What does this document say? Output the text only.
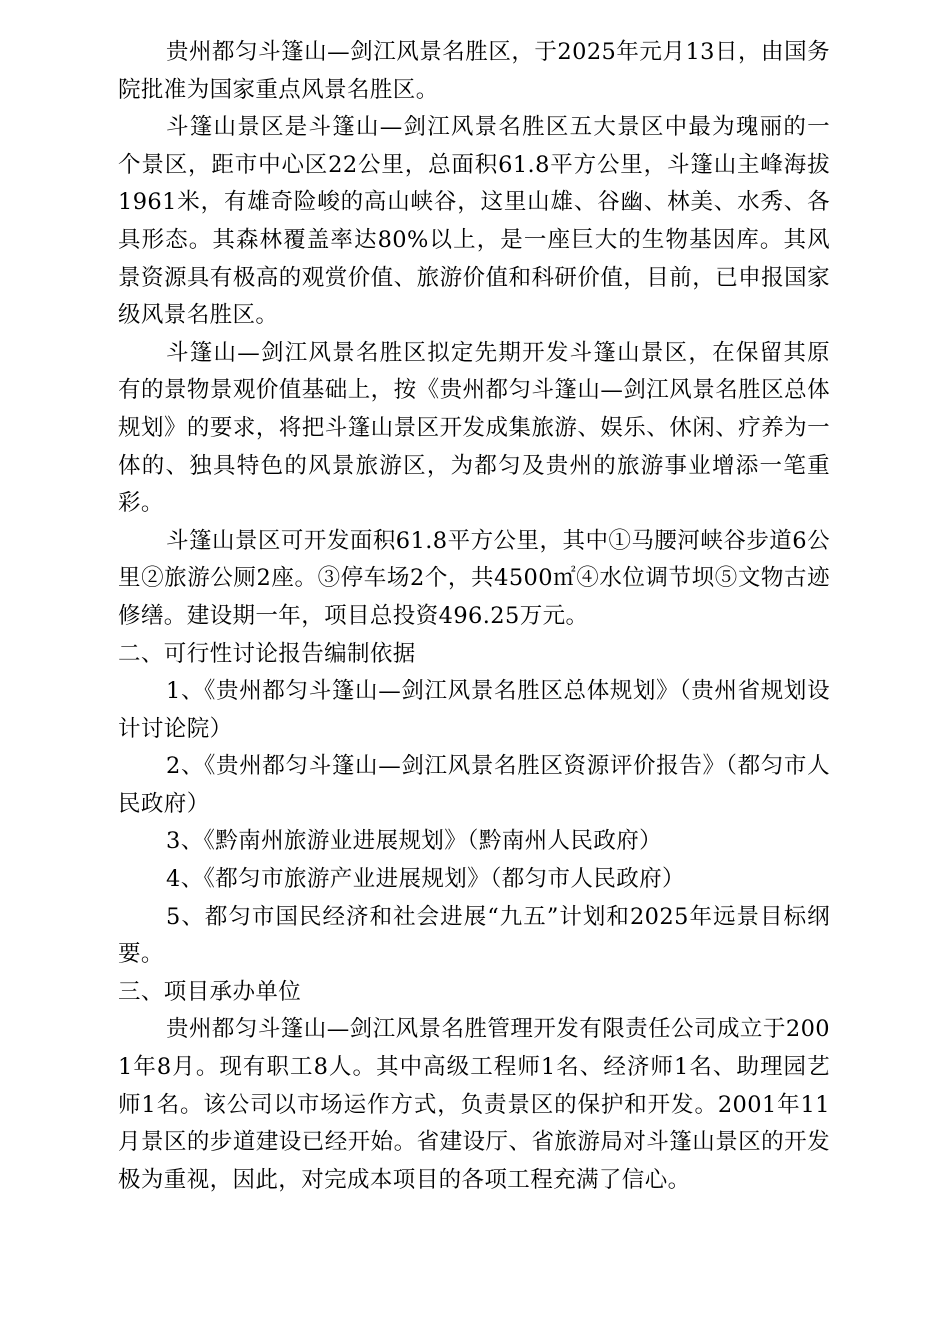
贵州都匀斗篷山—剑江风景名胜区，于2025年元月13日，由国务院批准为国家重点风景名胜区。

斗篷山景区是斗篷山—剑江风景名胜区五大景区中最为瑰丽的一个景区，距市中心区22公里，总面积61.8平方公里，斗篷山主峰海拔1961米，有雄奇险峻的高山峡谷，这里山雄、谷幽、林美、水秀、各具形态。其森林覆盖率达80%以上，是一座巨大的生物基因库。其风景资源具有极高的观赏价值、旅游价值和科研价值，目前，已申报国家级风景名胜区。

斗篷山—剑江风景名胜区拟定先期开发斗篷山景区，在保留其原有的景物景观价值基础上，按《贵州都匀斗篷山—剑江风景名胜区总体规划》的要求，将把斗篷山景区开发成集旅游、娱乐、休闲、疗养为一体的、独具特色的风景旅游区，为都匀及贵州的旅游事业增添一笔重彩。

斗篷山景区可开发面积61.8平方公里，其中①马腰河峡谷步道6公里②旅游公厕2座。③停车场2个，共4500㎡④水位调节坝⑤文物古迹修缮。建设期一年，项目总投资496.25万元。

二、可行性讨论报告编制依据

1、《贵州都匀斗篷山—剑江风景名胜区总体规划》（贵州省规划设计讨论院）

2、《贵州都匀斗篷山—剑江风景名胜区资源评价报告》（都匀市人民政府）

3、《黔南州旅游业进展规划》（黔南州人民政府）

4、《都匀市旅游产业进展规划》（都匀市人民政府）

5、都匀市国民经济和社会进展“九五”计划和2025年远景目标纲要。

三、项目承办单位

贵州都匀斗篷山—剑江风景名胜管理开发有限责任公司成立于2001年8月。现有职工8人。其中高级工程师1名、经济师1名、助理园艺师1名。该公司以市场运作方式，负责景区的保护和开发。2001年11月景区的步道建设已经开始。省建设厅、省旅游局对斗篷山景区的开发极为重视，因此，对完成本项目的各项工程充满了信心。
